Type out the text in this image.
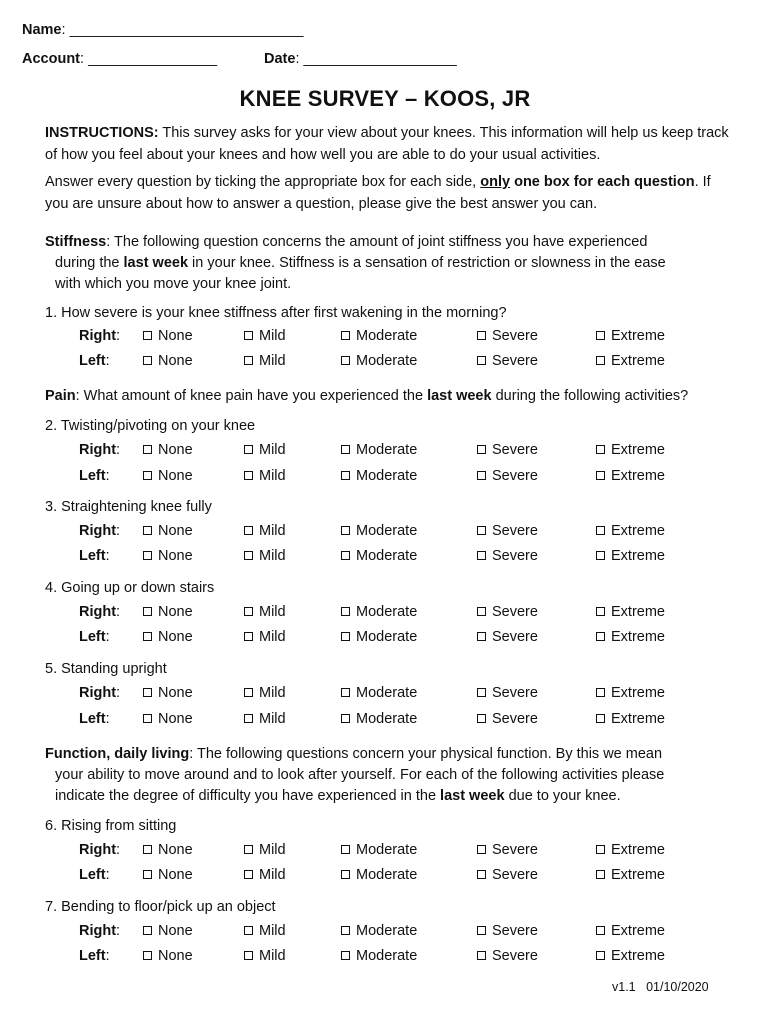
Name: _____________________________
Account: ________________	Date: ___________________
KNEE SURVEY – KOOS, JR
INSTRUCTIONS: This survey asks for your view about your knees. This information will help us keep track of how you feel about your knees and how well you are able to do your usual activities.
Answer every question by ticking the appropriate box for each side, only one box for each question. If you are unsure about how to answer a question, please give the best answer you can.
Stiffness: The following question concerns the amount of joint stiffness you have experienced
during the last week in your knee. Stiffness is a sensation of restriction or slowness in the ease
with which you move your knee joint.
1. How severe is your knee stiffness after first wakening in the morning?
Right:	None	Mild	Moderate	Severe	Extreme
Left:	None	Mild	Moderate	Severe	Extreme
Pain: What amount of knee pain have you experienced the last week during the following activities?
2. Twisting/pivoting on your knee
Right:	None	Mild	Moderate	Severe	Extreme
Left:	None	Mild	Moderate	Severe	Extreme
3. Straightening knee fully
Right:	None	Mild	Moderate	Severe	Extreme
Left:	None	Mild	Moderate	Severe	Extreme
4. Going up or down stairs
Right:	None	Mild	Moderate	Severe	Extreme
Left:	None	Mild	Moderate	Severe	Extreme
5. Standing upright
Right:	None	Mild	Moderate	Severe	Extreme
Left:	None	Mild	Moderate	Severe	Extreme
Function, daily living: The following questions concern your physical function. By this we mean
your ability to move around and to look after yourself. For each of the following activities please
indicate the degree of difficulty you have experienced in the last week due to your knee.
6. Rising from sitting
Right:	None	Mild	Moderate	Severe	Extreme
Left:	None	Mild	Moderate	Severe	Extreme
7. Bending to floor/pick up an object
Right:	None	Mild	Moderate	Severe	Extreme
Left:	None	Mild	Moderate	Severe	Extreme
v1.1 01/10/2020
